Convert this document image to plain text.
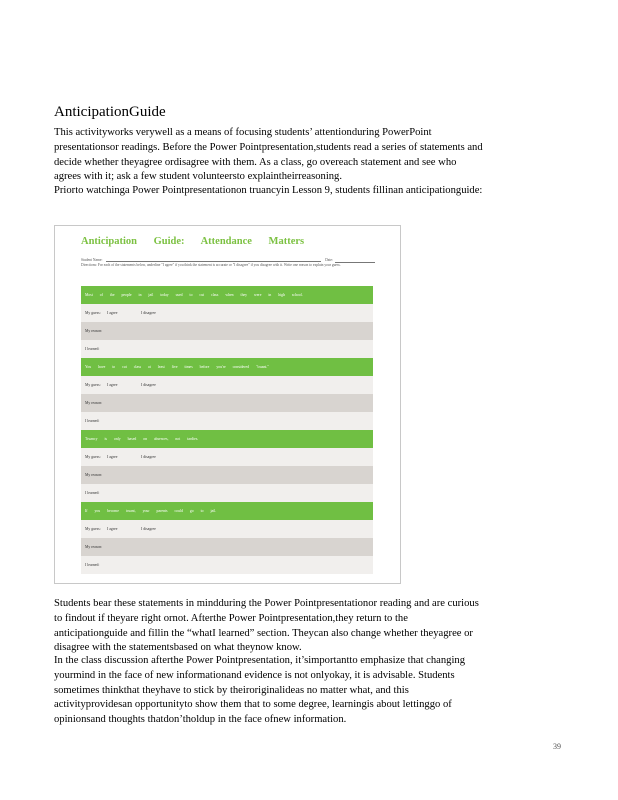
AnticipationGuide
This activityworks verywell as a means of focusing students’ attentionduring PowerPoint presentationsor readings. Before the Power Pointpresentation,students read a series of statements and decide whether theyagree ordisagree with them. As a class, go overeach statement and see who agrees with it; ask a few student volunteersto explaintheirreasoning.
Priorto watchinga Power Pointpresentationon truancyin Lesson 9, students fillinan anticipationguide:
Anticipation Guide: Attendance Matters
Student Name:	Date:
Directions: For each of the statements below, underline "I agree" if you think the statement is accurate or "I disagree" if you disagree with it. Write one reason to explain your guess.
Most of the people in jail today used to cut class when they were in high school.
My guess:	I agree	I disagree
My reason:
I learned:
You have to cut class at least five times before you're considered "truant."
My guess:	I agree	I disagree
My reason:
I learned:
Truancy is only based on absences, not tardies.
My guess:	I agree	I disagree
My reason:
I learned:
If you become truant, your parents could go to jail.
My guess:	I agree	I disagree
My reason:
I learned:
Students bear these statements in mindduring the Power Pointpresentationor reading and are curious to findout if theyare right ornot. Afterthe Power Pointpresentation,they return to the anticipationguide and fillin the “whatI learned” section. Theycan also change whether theyagree or disagree with the statementsbased on what theynow know.
In the class discussion afterthe Power Pointpresentation, it’simportantto emphasize that changing yourmind in the face of new informationand evidence is not onlyokay, it is advisable. Students sometimes thinkthat theyhave to stick by theiroriginalideas no matter what, and this activityprovidesan opportunityto show them that to some degree, learningis about lettinggo of opinionsand thoughts thatdon’tholdup in the face ofnew information.
39
